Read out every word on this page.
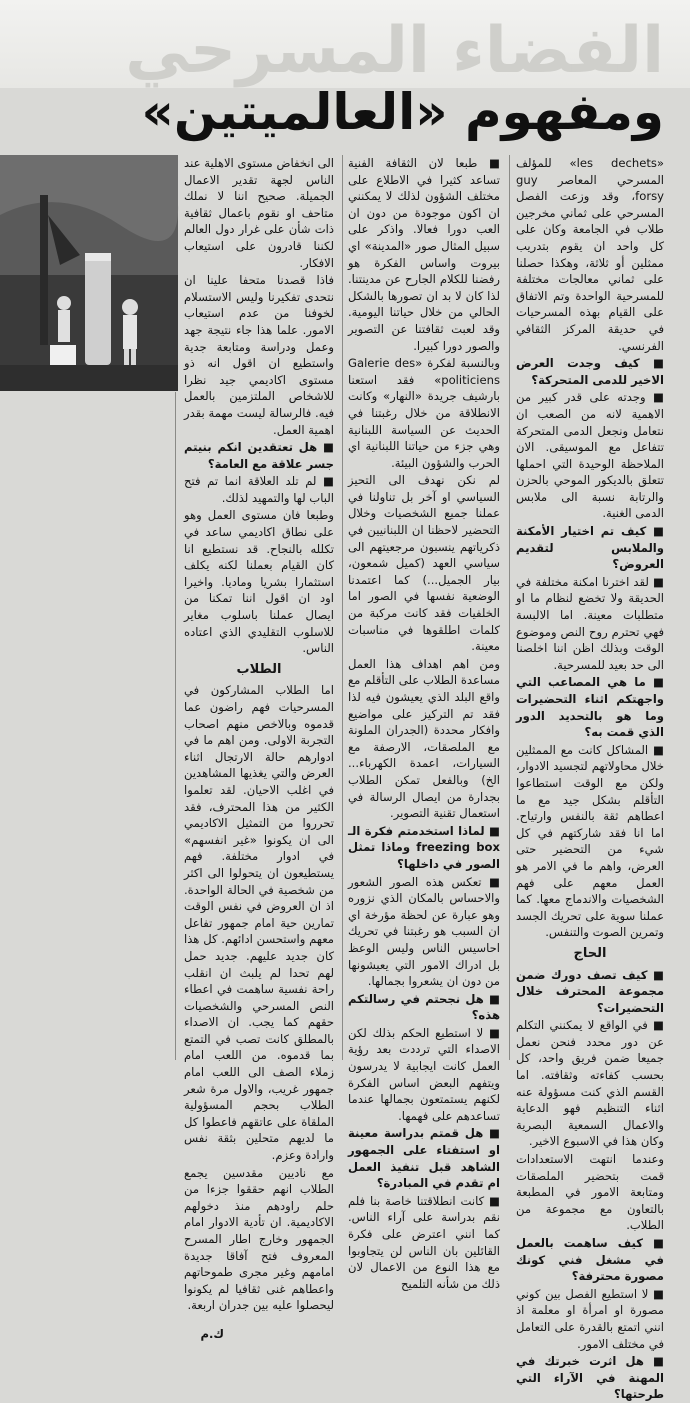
الفضاء المسرحي
ومفهوم «العالميتين»

«les dechets» للمؤلف المسرحي المعاصر guy forsy، وقد وزعت الفصل المسرحي على ثماني مخرجين طلاب في الجامعة وكان على كل واحد ان يقوم بتدريب ممثلين أو ثلاثة، وهكذا حصلنا على ثماني معالجات مختلفة للمسرحية الواحدة وتم الاتفاق على القيام بهذه المسرحيات في حديقة المركز الثقافي الفرنسي.

■ كيف وجدت العرض الاخير للدمى المتحركة؟

■ وجدته على قدر كبير من الاهمية لانه من الصعب ان نتعامل ونجعل الدمى المتحركة تتفاعل مع الموسيقى. الان الملاحظة الوحيدة التي احملها تتعلق بالديكور الموحي بالحزن والرتابة نسبة الى ملابس الدمى الغنية.

■ كيف تم اختيار الأمكنة والملابس لتقديم العروض؟

■ لقد اخترنا امكنة مختلفة في الحديقة ولا تخضع لنظام ما او متطلبات معينة. اما الالبسة فهي تحترم روح النص وموضوع الوقت وبذلك اظن اننا اخلصنا الى حد بعيد للمسرحية.

■ ما هي المصاعب التي واجهتكم اثناء التحضيرات وما هو بالتحديد الدور الذي قمت به؟

■ المشاكل كانت مع الممثلين خلال محاولاتهم لتجسيد الادوار، ولكن مع الوقت استطاعوا التأقلم بشكل جيد مع ما اعطاهم ثقة بالنفس وارتياح. اما انا فقد شاركتهم في كل شيء من التحضير حتى العرض، واهم ما في الامر هو العمل معهم على فهم الشخصيات والاندماج معها. كما عملنا سوية على تحريك الجسد وتمرين الصوت والتنفس.

الحاج

■ كيف تصف دورك ضمن مجموعة المحترف خلال التحضيرات؟

■ في الواقع لا يمكنني التكلم عن دور محدد فنحن نعمل جميعا ضمن فريق واحد، كل بحسب كفاءته وثقافته. اما القسم الذي كنت مسؤولة عنه اثناء التنظيم فهو الدعاية والاعمال السمعية البصرية وكان هذا في الاسبوع الاخير.

وعندما انتهت الاستعدادات قمت بتحضير الملصقات ومتابعة الامور في المطبعة بالتعاون مع مجموعة من الطلاب.

■ كيف ساهمت بالعمل في مشغل فني كونك مصورة محترفة؟

■ لا استطيع الفصل بين كوني مصورة او امرأة او معلمة اذ انني اتمتع بالقدرة على التعامل في مختلف الامور.

■ هل اثرت خبرتك في المهنة في الآراء التي طرحتها؟

■ طبعا لان الثقافة الفنية تساعد كثيرا في الاطلاع على مختلف الشؤون لذلك لا يمكنني ان اكون موجودة من دون ان العب دورا فعالا. واذكر على سبيل المثال صور «المدينة» اي بيروت واساس الفكرة هو رفضنا للكلام الجارح عن مدينتنا. لذا كان لا بد ان تصورها بالشكل الحالي من خلال حياتنا اليومية. وقد لعبت ثقافتنا عن التصوير والصور دورا كبيرا.

وبالنسبة لفكرة «Galerie des politiciens» فقد استعنا بارشيف جريدة «النهار» وكانت الانطلاقة من خلال رغبتنا في الحديث عن السياسة اللبنانية وهي جزء من حياتنا اللبنانية اي الحرب والشؤون البيئة.

لم نكن نهدف الى التحيز السياسي او آخر بل تناولنا في عملنا جميع الشخصيات وخلال التحضير لاحظنا ان اللبنانيين في ذكرياتهم ينسبون مرجعيتهم الى سياسي العهد (كميل شمعون، بيار الجميل...) كما اعتمدنا الوضعية نفسها في الصور اما الخلفيات فقد كانت مركبة من كلمات اطلقوها في مناسبات معينة.

ومن اهم اهداف هذا العمل مساعدة الطلاب على التأقلم مع واقع البلد الذي يعيشون فيه لذا فقد تم التركيز على مواضيع وافكار محددة (الجدران الملونة مع الملصقات، الارصفة مع السيارات، اعمدة الكهرباء... الخ) وبالفعل تمكن الطلاب بجدارة من ايصال الرسالة في استعمال تقنية التصوير.

■ لماذا استخدمتم فكرة الـ freezing box وماذا تمثل الصور في داخلها؟

■ تعكس هذه الصور الشعور والاحساس بالمكان الذي نزوره وهو عبارة عن لحظة مؤرخة اي ان السبب هو رغبتنا في تحريك احاسيس الناس وليس الوعظ بل ادراك الامور التي يعيشونها من دون ان يشعروا بجمالها.

■ هل نجحتم في رسالتكم هذه؟

■ لا استطيع الحكم بذلك لكن الاصداء التي ترددت بعد رؤية العمل كانت ايجابية لا يدرسون ويتفهم البعض اساس الفكرة لكنهم يستمتعون بجمالها عندما تساعدهم على فهمها.

■ هل قمتم بدراسة معينة او استفتاء على الجمهور الشاهد قبل تنفيذ العمل ام تقدم في المبادرة؟

■ كانت انطلاقتنا خاصة بنا فلم نقم بدراسة على آراء الناس. كما انني اعترض على فكرة القائلين بان الناس لن يتجاوبوا مع هذا النوع من الاعمال لان ذلك من شأنه التلميح

الى انخفاض مستوى الاهلية عند الناس لجهة تقدير الاعمال الجميلة. صحيح اننا لا نملك متاحف او نقوم باعمال ثقافية ذات شأن على غرار دول العالم لكننا قادرون على استيعاب الافكار.

فاذا قصدنا متحفا علينا ان نتحدى تفكيرنا وليس الاستسلام لخوفنا من عدم استيعاب الامور. علما هذا جاء نتيجة جهد وعمل ودراسة ومتابعة جدية واستطيع ان اقول انه ذو مستوى اكاديمي جيد نظرا للاشخاص الملتزمين بالعمل فيه. فالرسالة ليست مهمة بقدر اهمية العمل.

■ هل تعتقدين انكم بنيتم جسر علاقة مع العامة؟

■ لم تلد العلاقة انما تم فتح الباب لها والتمهيد لذلك.

وطبعا فان مستوى العمل وهو على نطاق اكاديمي ساعد في تكلله بالنجاح. قد نستطيع انا كان القيام بعملنا لكنه يكلف استثمارا بشريا وماديا. واخيرا اود ان اقول اننا تمكنا من ايصال عملنا باسلوب مغاير للاسلوب التقليدي الذي اعتاده الناس.

الطلاب

اما الطلاب المشاركون في المسرحيات فهم راضون عما قدموه وبالاخص منهم اصحاب التجربة الاولى. ومن اهم ما في ادوارهم حالة الارتجال اثناء العرض والتي يغذيها المشاهدين في اغلب الاحيان. لقد تعلموا الكثير من هذا المحترف، فقد تحرروا من التمثيل الاكاديمي الى ان يكونوا «غير انفسهم» في ادوار مختلفة. فهم يستطيعون ان يتحولوا الى اكثر من شخصية في الحالة الواحدة. اذ ان العروض في نفس الوقت تمارين حية امام جمهور تفاعل معهم واستحسن ادائهم. كل هذا كان جديد عليهم. جديد حمل لهم تحدا لم يلبث ان انقلب راحة نفسية ساهمت في اعطاء النص المسرحي والشخصيات حقهم كما يجب. ان الاصداء بالمطلق كانت تصب في التمتع بما قدموه. من اللعب امام زملاء الصف الى اللعب امام جمهور غريب، والاول مرة شعر الطلاب بحجم المسؤولية الملقاة على عاتقهم فاعطوا كل ما لديهم متحلين بثقة نفس وارادة وعزم.

مع ناديين مقدسين يجمع الطلاب انهم حققوا جزءا من حلم راودهم منذ دخولهم الاكاديمية. ان تأدية الادوار امام الجمهور وخارج اطار المسرح المعروف فتح آفاقا جديدة امامهم وغير مجرى طموحاتهم واعطاهم غنى ثقافيا لم يكونوا ليحصلوا عليه بين جدران اربعة.

ك.م
